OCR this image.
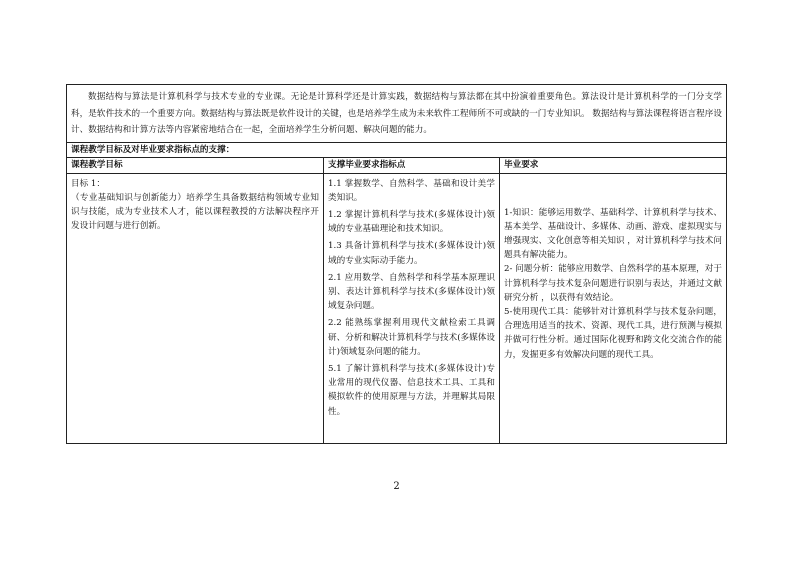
数据结构与算法是计算机科学与技术专业的专业课。无论是计算科学还是计算实践，数据结构与算法都在其中扮演着重要角色。算法设计是计算机科学的一门分支学科，是软件技术的一个重要方向。数据结构与算法既是软件设计的关键，也是培养学生成为未来软件工程师所不可或缺的一门专业知识。 数据结构与算法课程将语言程序设计、数据结构和计算方法等内容紧密地结合在一起，全面培养学生分析问题、解决问题的能力。
课程教学目标及对毕业要求指标点的支撑：
课程教学目标	支撑毕业要求指标点	毕业要求

目标 1：
（专业基础知识与创新能力）培养学生具备数据结构领域专业知识与技能，成为专业技术人才，能以课程教授的方法解决程序开发设计问题与进行创新。

1.1 掌握数学、自然科学、基础和设计美学类知识。

1.2 掌握计算机科学与技术(多媒体设计)领域的专业基础理论和技术知识。

1.3 具备计算机科学与技术(多媒体设计)领域的专业实际动手能力。

2.1 应用数学、自然科学和科学基本原理识别、表达计算机科学与技术(多媒体设计)领域复杂问题。

2.2 能熟练掌握利用现代文献检索工具调研、分析和解决计算机科学与技术(多媒体设计)领域复杂问题的能力。

5.1 了解计算机科学与技术(多媒体设计)专业常用的现代仪器、信息技术工具、工具和模拟软件的使用原理与方法，并理解其局限性。

1-知识：能够运用数学、基础科学、计算机科学与技术、基本美学、基础设计、多媒体、动画、游戏、虚拟现实与增强现实、文化创意等相关知识 ，对计算机科学与技术问题具有解决能力。

2- 问题分析：能够应用数学、自然科学的基本原理，对于计算机科学与技术复杂问题进行识别与表达，并通过文献研究分析 ，以获得有效结论。

5-使用现代工具：能够针对计算机科学与技术复杂问题，合理选用适当的技术、资源、现代工具，进行预测与模拟并做可行性分析。通过国际化视野和跨文化交流合作的能力，发掘更多有效解决问题的现代工具。

2
